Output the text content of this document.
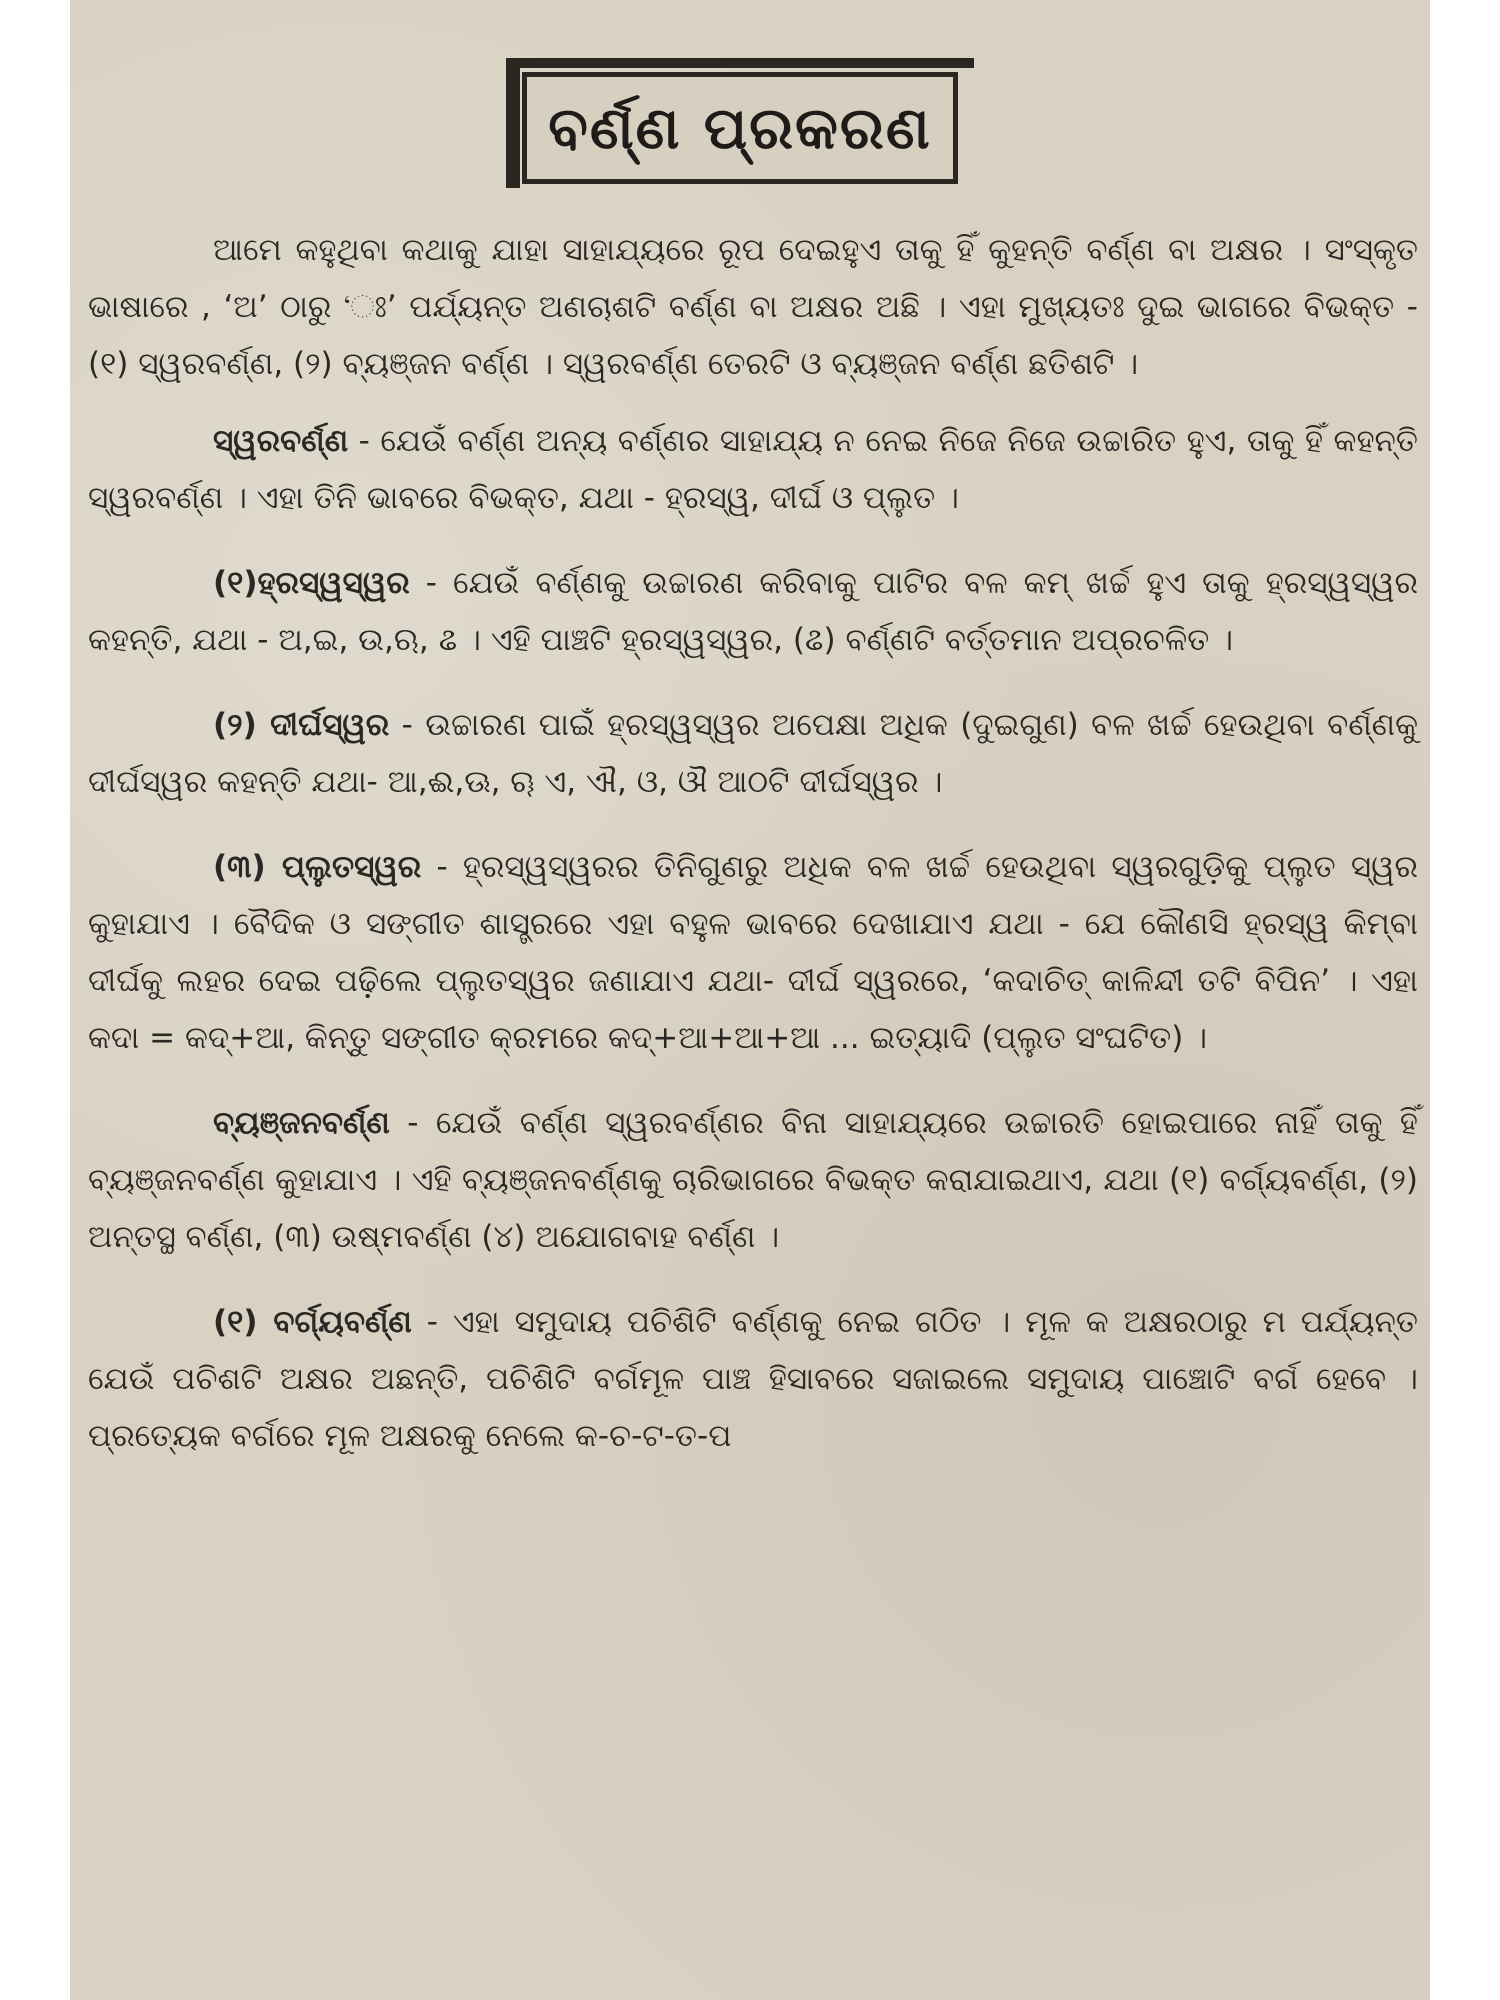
ବର୍ଣ୍ଣ ପ୍ରକରଣ

ଆମେ କହୁଥିବା କଥାକୁ ଯାହା ସାହାଯ୍ୟରେ ରୂପ ଦେଇହୁଏ ତାକୁ ହିଁ କୁହନ୍ତି ବର୍ଣ୍ଣ ବା ଅକ୍ଷର । ସଂସ୍କୃତ ଭାଷାରେ , ‘ଅ’ ଠାରୁ ‘ଃ’ ପର୍ଯ୍ୟନ୍ତ ଅଣଚାଶଟି ବର୍ଣ୍ଣ ବା ଅକ୍ଷର ଅଛି । ଏହା ମୁଖ୍ୟତଃ ଦୁଇ ଭାଗରେ ବିଭକ୍ତ - (୧) ସ୍ୱରବର୍ଣ୍ଣ, (୨) ବ୍ୟଞ୍ଜନ ବର୍ଣ୍ଣ । ସ୍ୱରବର୍ଣ୍ଣ ତେରଟି ଓ ବ୍ୟଞ୍ଜନ ବର୍ଣ୍ଣ ଛତିଶଟି ।

ସ୍ୱରବର୍ଣ୍ଣ - ଯେଉଁ ବର୍ଣ୍ଣ ଅନ୍ୟ ବର୍ଣ୍ଣର ସାହାଯ୍ୟ ନ ନେଇ ନିଜେ ନିଜେ ଉଚ୍ଚାରିତ ହୁଏ, ତାକୁ ହିଁ କହନ୍ତି ସ୍ୱରବର୍ଣ୍ଣ । ଏହା ତିନି ଭାବରେ ବିଭକ୍ତ, ଯଥା - ହ୍ରସ୍ୱ, ଦୀର୍ଘ ଓ ପ୍ଲୁତ ।

(୧)ହ୍ରସ୍ୱସ୍ୱର - ଯେଉଁ ବର୍ଣ୍ଣକୁ ଉଚ୍ଚାରଣ କରିବାକୁ ପାଟିର ବଳ କମ୍ ଖର୍ଚ୍ଚ ହୁଏ ତାକୁ ହ୍ରସ୍ୱସ୍ୱର କହନ୍ତି, ଯଥା - ଅ,ଇ, ଉ,ଋ, ଌ । ଏହି ପାଞ୍ଚଟି ହ୍ରସ୍ୱସ୍ୱର, (ଌ) ବର୍ଣ୍ଣଟି ବର୍ତ୍ତମାନ ଅପ୍ରଚଳିତ ।

(୨) ଦୀର୍ଘସ୍ୱର - ଉଚ୍ଚାରଣ ପାଇଁ ହ୍ରସ୍ୱସ୍ୱର ଅପେକ୍ଷା ଅଧିକ (ଦୁଇଗୁଣ) ବଳ ଖର୍ଚ୍ଚ ହେଉଥିବା ବର୍ଣ୍ଣକୁ ଦୀର୍ଘସ୍ୱର କହନ୍ତି ଯଥା- ଆ,ଈ,ଊ, ୠ ଏ, ଐ, ଓ, ଔ ଆଠଟି ଦୀର୍ଘସ୍ୱର ।

(୩) ପ୍ଲୁତସ୍ୱର - ହ୍ରସ୍ୱସ୍ୱରର ତିନିଗୁଣରୁ ଅଧିକ ବଳ ଖର୍ଚ୍ଚ ହେଉଥିବା ସ୍ୱରଗୁଡ଼ିକୁ ପ୍ଲୁତ ସ୍ୱର କୁହାଯାଏ । ବୈଦିକ ଓ ସଙ୍ଗୀତ ଶାସ୍ତ୍ରରେ ଏହା ବହୁଳ ଭାବରେ ଦେଖାଯାଏ ଯଥା - ଯେ କୌଣସି ହ୍ରସ୍ୱ କିମ୍ବା ଦୀର୍ଘକୁ ଲହର ଦେଇ ପଢ଼ିଲେ ପ୍ଲୁତସ୍ୱର ଜଣାଯାଏ ଯଥା- ଦୀର୍ଘ ସ୍ୱରରେ, ‘କଦାଚିତ୍ କାଳିନ୍ଦୀ ତଟି ବିପିନ’ । ଏହା କଦା = କଦ୍+ଆ, କିନ୍ତୁ ସଙ୍ଗୀତ କ୍ରମରେ କଦ୍+ଆ+ଆ+ଆ ... ଇତ୍ୟାଦି (ପ୍ଲୁତ ସଂଘଟିତ) ।

ବ୍ୟଞ୍ଜନବର୍ଣ୍ଣ - ଯେଉଁ ବର୍ଣ୍ଣ ସ୍ୱରବର୍ଣ୍ଣର ବିନା ସାହାଯ୍ୟରେ ଉଚ୍ଚାରତି ହୋଇପାରେ ନାହିଁ ତାକୁ ହିଁ ବ୍ୟଞ୍ଜନବର୍ଣ୍ଣ କୁହାଯାଏ । ଏହି ବ୍ୟଞ୍ଜନବର୍ଣ୍ଣକୁ ଚାରିଭାଗରେ ବିଭକ୍ତ କରାଯାଇଥାଏ, ଯଥା (୧) ବର୍ଗ୍ୟବର୍ଣ୍ଣ, (୨) ଅନ୍ତସ୍ଥ ବର୍ଣ୍ଣ, (୩) ଉଷ୍ମବର୍ଣ୍ଣ (୪) ଅଯୋଗବାହ ବର୍ଣ୍ଣ ।

(୧) ବର୍ଗ୍ୟବର୍ଣ୍ଣ - ଏହା ସମୁଦାୟ ପଚିଶିଟି ବର୍ଣ୍ଣକୁ ନେଇ ଗଠିତ । ମୂଳ କ ଅକ୍ଷରଠାରୁ ମ ପର୍ଯ୍ୟନ୍ତ ଯେଉଁ ପଚିଶଟି ଅକ୍ଷର ଅଛନ୍ତି, ପଚିଶିଟି ବର୍ଗମୂଳ ପାଞ୍ଚ ହିସାବରେ ସଜାଇଲେ ସମୁଦାୟ ପାଞ୍ଚୋଟି ବର୍ଗ ହେବେ । ପ୍ରତ୍ୟେକ ବର୍ଗରେ ମୂଳ ଅକ୍ଷରକୁ ନେଲେ କ-ଚ-ଟ-ତ-ପ
